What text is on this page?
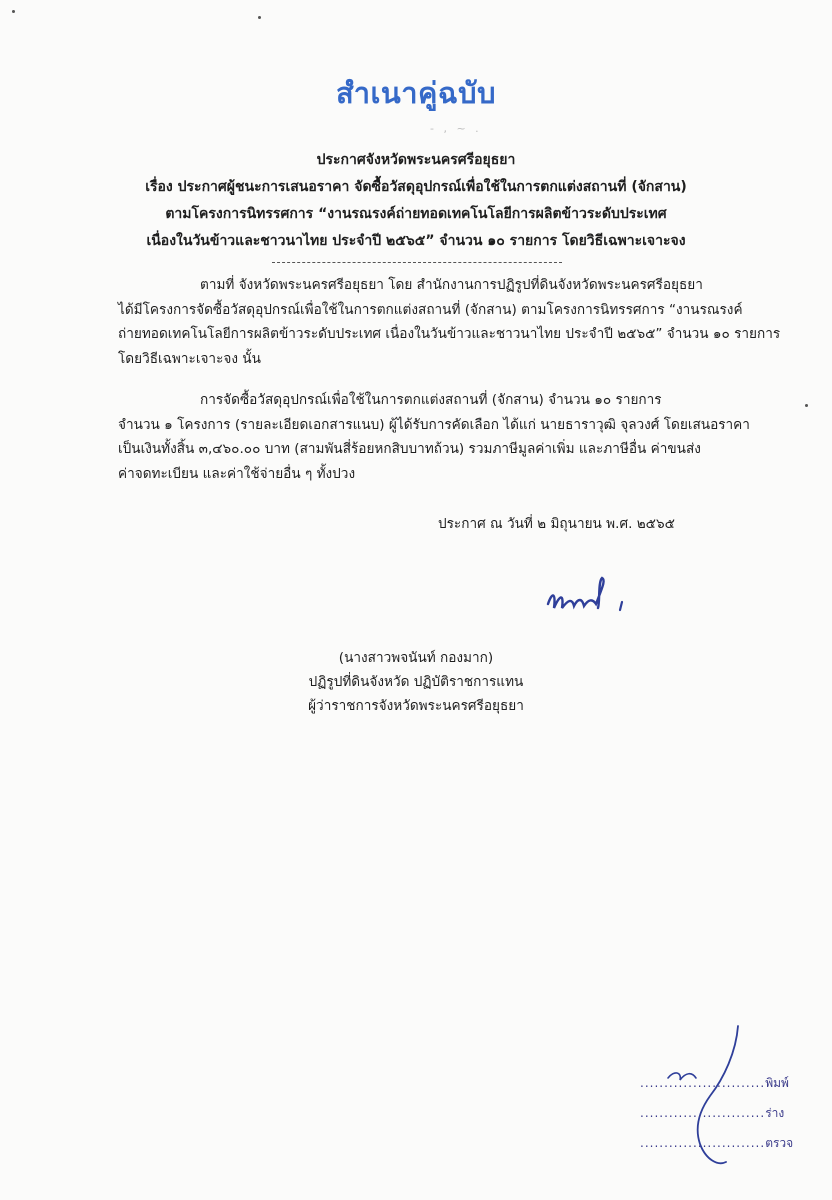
สำเนาคู่ฉบับ
- , ~ .
ประกาศจังหวัดพระนครศรีอยุธยา
เรื่อง ประกาศผู้ชนะการเสนอราคา จัดซื้อวัสดุอุปกรณ์เพื่อใช้ในการตกแต่งสถานที่ (จักสาน)
ตามโครงการนิทรรศการ “งานรณรงค์ถ่ายทอดเทคโนโลยีการผลิตข้าวระดับประเทศ
เนื่องในวันข้าวและชาวนาไทย ประจำปี ๒๕๖๕” จำนวน ๑๐ รายการ โดยวิธีเฉพาะเจาะจง
ตามที่ จังหวัดพระนครศรีอยุธยา โดย สำนักงานการปฏิรูปที่ดินจังหวัดพระนครศรีอยุธยา
ได้มีโครงการจัดซื้อวัสดุอุปกรณ์เพื่อใช้ในการตกแต่งสถานที่ (จักสาน) ตามโครงการนิทรรศการ “งานรณรงค์
ถ่ายทอดเทคโนโลยีการผลิตข้าวระดับประเทศ เนื่องในวันข้าวและชาวนาไทย ประจำปี ๒๕๖๕” จำนวน ๑๐ รายการ
โดยวิธีเฉพาะเจาะจง นั้น
การจัดซื้อวัสดุอุปกรณ์เพื่อใช้ในการตกแต่งสถานที่ (จักสาน) จำนวน ๑๐ รายการ
จำนวน ๑ โครงการ (รายละเอียดเอกสารแนบ) ผู้ได้รับการคัดเลือก ได้แก่ นายธาราวุฒิ จุลวงศ์ โดยเสนอราคา
เป็นเงินทั้งสิ้น ๓,๔๖๐.๐๐ บาท (สามพันสี่ร้อยหกสิบบาทถ้วน) รวมภาษีมูลค่าเพิ่ม และภาษีอื่น ค่าขนส่ง
ค่าจดทะเบียน และค่าใช้จ่ายอื่น ๆ ทั้งปวง
ประกาศ ณ วันที่ ๒ มิถุนายน พ.ศ. ๒๕๖๕
(นางสาวพจนันท์ กองมาก)
ปฏิรูปที่ดินจังหวัด ปฏิบัติราชการแทน
ผู้ว่าราชการจังหวัดพระนครศรีอยุธยา
..........................พิมพ์
..........................ร่าง
..........................ตรวจ
